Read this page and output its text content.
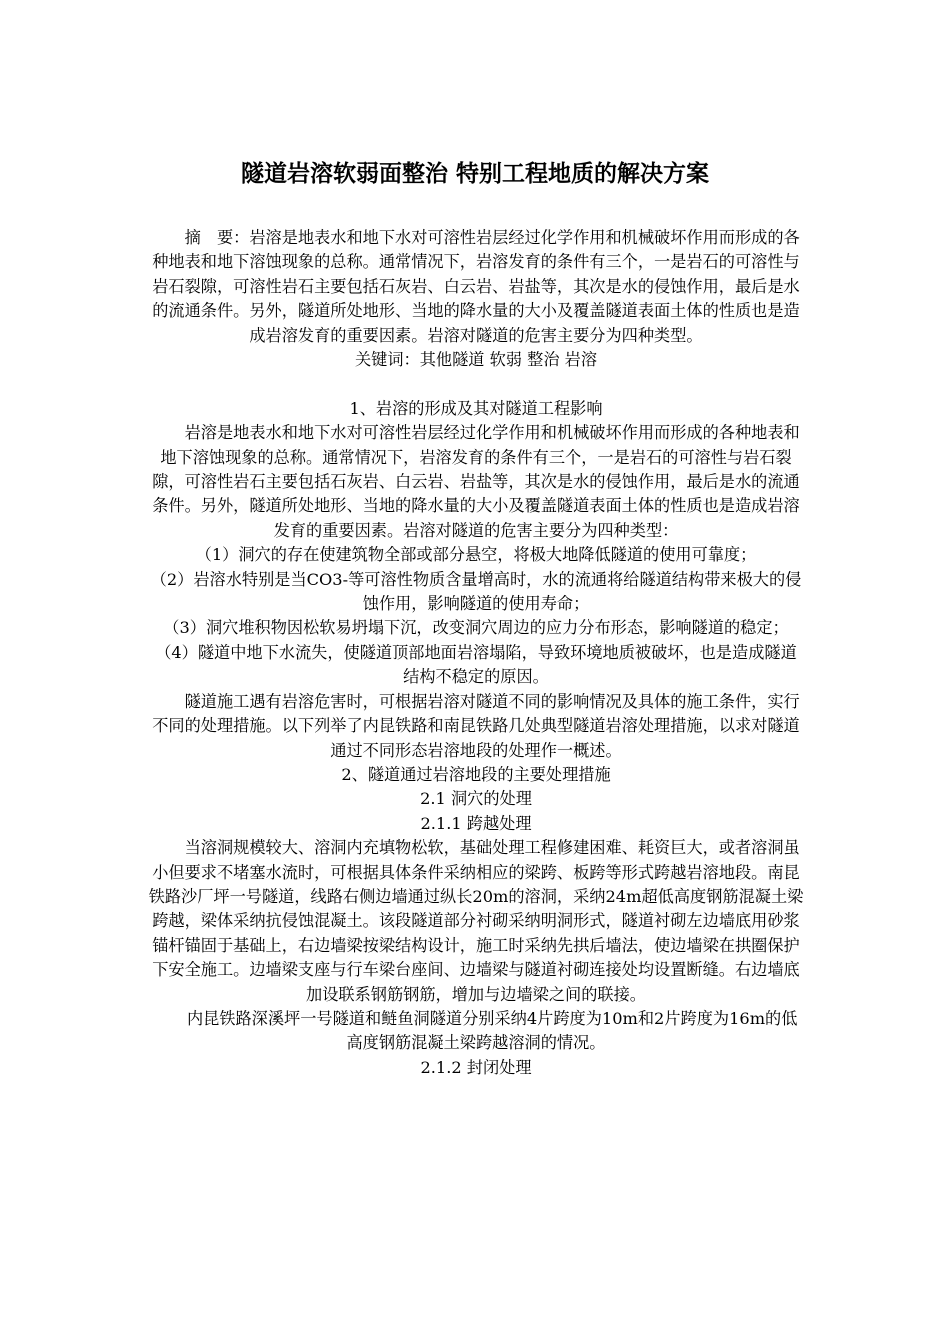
隧道岩溶软弱面整治 特别工程地质的解决方案

摘　要：岩溶是地表水和地下水对可溶性岩层经过化学作用和机械破坏作用而形成的各种地表和地下溶蚀现象的总称。通常情况下，岩溶发育的条件有三个，一是岩石的可溶性与岩石裂隙，可溶性岩石主要包括石灰岩、白云岩、岩盐等，其次是水的侵蚀作用，最后是水的流通条件。另外，隧道所处地形、当地的降水量的大小及覆盖隧道表面土体的性质也是造成岩溶发育的重要因素。岩溶对隧道的危害主要分为四种类型。

关键词：其他隧道 软弱 整治 岩溶

1、岩溶的形成及其对隧道工程影响

岩溶是地表水和地下水对可溶性岩层经过化学作用和机械破坏作用而形成的各种地表和地下溶蚀现象的总称。通常情况下，岩溶发育的条件有三个，一是岩石的可溶性与岩石裂隙，可溶性岩石主要包括石灰岩、白云岩、岩盐等，其次是水的侵蚀作用，最后是水的流通条件。另外，隧道所处地形、当地的降水量的大小及覆盖隧道表面土体的性质也是造成岩溶发育的重要因素。岩溶对隧道的危害主要分为四种类型：

（1）洞穴的存在使建筑物全部或部分悬空，将极大地降低隧道的使用可靠度；

（2）岩溶水特别是当CO3-等可溶性物质含量增高时，水的流通将给隧道结构带来极大的侵蚀作用，影响隧道的使用寿命；

（3）洞穴堆积物因松软易坍塌下沉，改变洞穴周边的应力分布形态，影响隧道的稳定；

（4）隧道中地下水流失，使隧道顶部地面岩溶塌陷，导致环境地质被破坏，也是造成隧道结构不稳定的原因。

隧道施工遇有岩溶危害时，可根据岩溶对隧道不同的影响情况及具体的施工条件，实行不同的处理措施。以下列举了内昆铁路和南昆铁路几处典型隧道岩溶处理措施，以求对隧道通过不同形态岩溶地段的处理作一概述。

2、隧道通过岩溶地段的主要处理措施

2.1 洞穴的处理

2.1.1 跨越处理

当溶洞规模较大、溶洞内充填物松软，基础处理工程修建困难、耗资巨大，或者溶洞虽小但要求不堵塞水流时，可根据具体条件采纳相应的梁跨、板跨等形式跨越岩溶地段。南昆铁路沙厂坪一号隧道，线路右侧边墙通过纵长20m的溶洞，采纳24m超低高度钢筋混凝土梁跨越，梁体采纳抗侵蚀混凝土。该段隧道部分衬砌采纳明洞形式，隧道衬砌左边墙底用砂浆锚杆锚固于基础上，右边墙梁按梁结构设计，施工时采纳先拱后墙法，使边墙梁在拱圈保护下安全施工。边墙梁支座与行车梁台座间、边墙梁与隧道衬砌连接处均设置断缝。右边墙底加设联系钢筋钢筋，增加与边墙梁之间的联接。

内昆铁路深溪坪一号隧道和鲢鱼洞隧道分别采纳4片跨度为10m和2片跨度为16m的低高度钢筋混凝土梁跨越溶洞的情况。

2.1.2 封闭处理
